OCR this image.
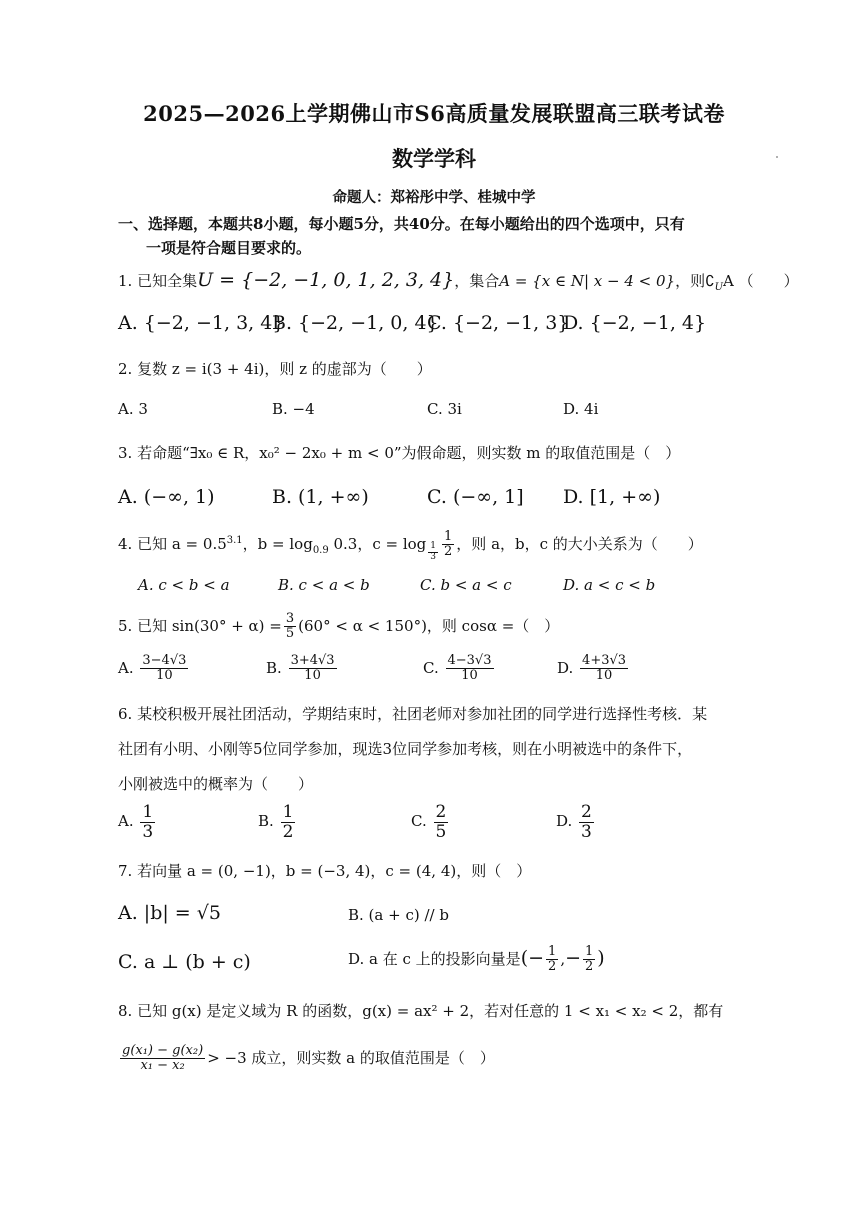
2025—2026上学期佛山市S6高质量发展联盟高三联考试卷
数学学科
命题人：郑裕彤中学、桂城中学
一、选择题，本题共8小题，每小题5分，共40分。在每小题给出的四个选项中，只有
一项是符合题目要求的。
1. 已知全集U = {−2, −1, 0, 1, 2, 3, 4}，集合A = {x ∈ N| x − 4 < 0}，则$∁_UA$ （　　）
A. {−2, −1, 3, 4}
B. {−2, −1, 0, 4}
C. {−2, −1, 3}
D. {−2, −1, 4}
2. 复数 z = i(3 + 4i)，则 z 的虚部为（　　）
A. 3	B. −4	C. 3i	D. 4i
3. 若命题“∃x₀ ∈ R，x₀² − 2x₀ + m < 0”为假命题，则实数 m 的取值范围是（　）
A. (−∞, 1)	B. (1, +∞)	C. (−∞, 1] D. [1, +∞)
4. 已知 $a = 0.5^{3.1}$，$b = \log_{0.9} 0.3$，$c = \log \frac{1}{3} \frac{1}{2}$ ，则 a，b，c 的大小关系为（　　）
A. c < b < a	B. c < a < b	C. b < a < c	D. a < c < b
5. 已知 $\sin(30^\circ + \alpha) = \frac{3}{5} (60^\circ < \alpha < 150^\circ)$，则 cosα =（　）
A. $\frac{3-4√3}{10}$	B. $\frac{3+4√3}{10}$	C. $\frac{4-3√3}{10}$	D. $\frac{4+3√3}{10}$
6. 某校积极开展社团活动，学期结束时，社团老师对参加社团的同学进行选择性考核．某
社团有小明、小刚等5位同学参加，现选3位同学参加考核，则在小明被选中的条件下，
小刚被选中的概率为（　　）
A. $\frac{1}{3}$	B. $\frac{1}{2}$	C. $\frac{2}{5}$	D. $\frac{2}{3}$
7. 若向量 a = (0, −1)，b = (−3, 4)，c = (4, 4)，则（　）
A. |b| = √5	B. (a + c) // b
C. a ⊥ (b + c)	D. a 在 c 上的投影向量是(− $\frac{1}{2}$ ,− $\frac{1}{2}$ )
8. 已知 g(x) 是定义域为 R 的函数，g(x) = ax² + 2，若对任意的 1 < x₁ < x₂ < 2，都有
$\frac{\text{g(x₁) − g(x₂)}}{\text{x₁ − x₂}} > -3$ 成立，则实数 a 的取值范围是（　）
